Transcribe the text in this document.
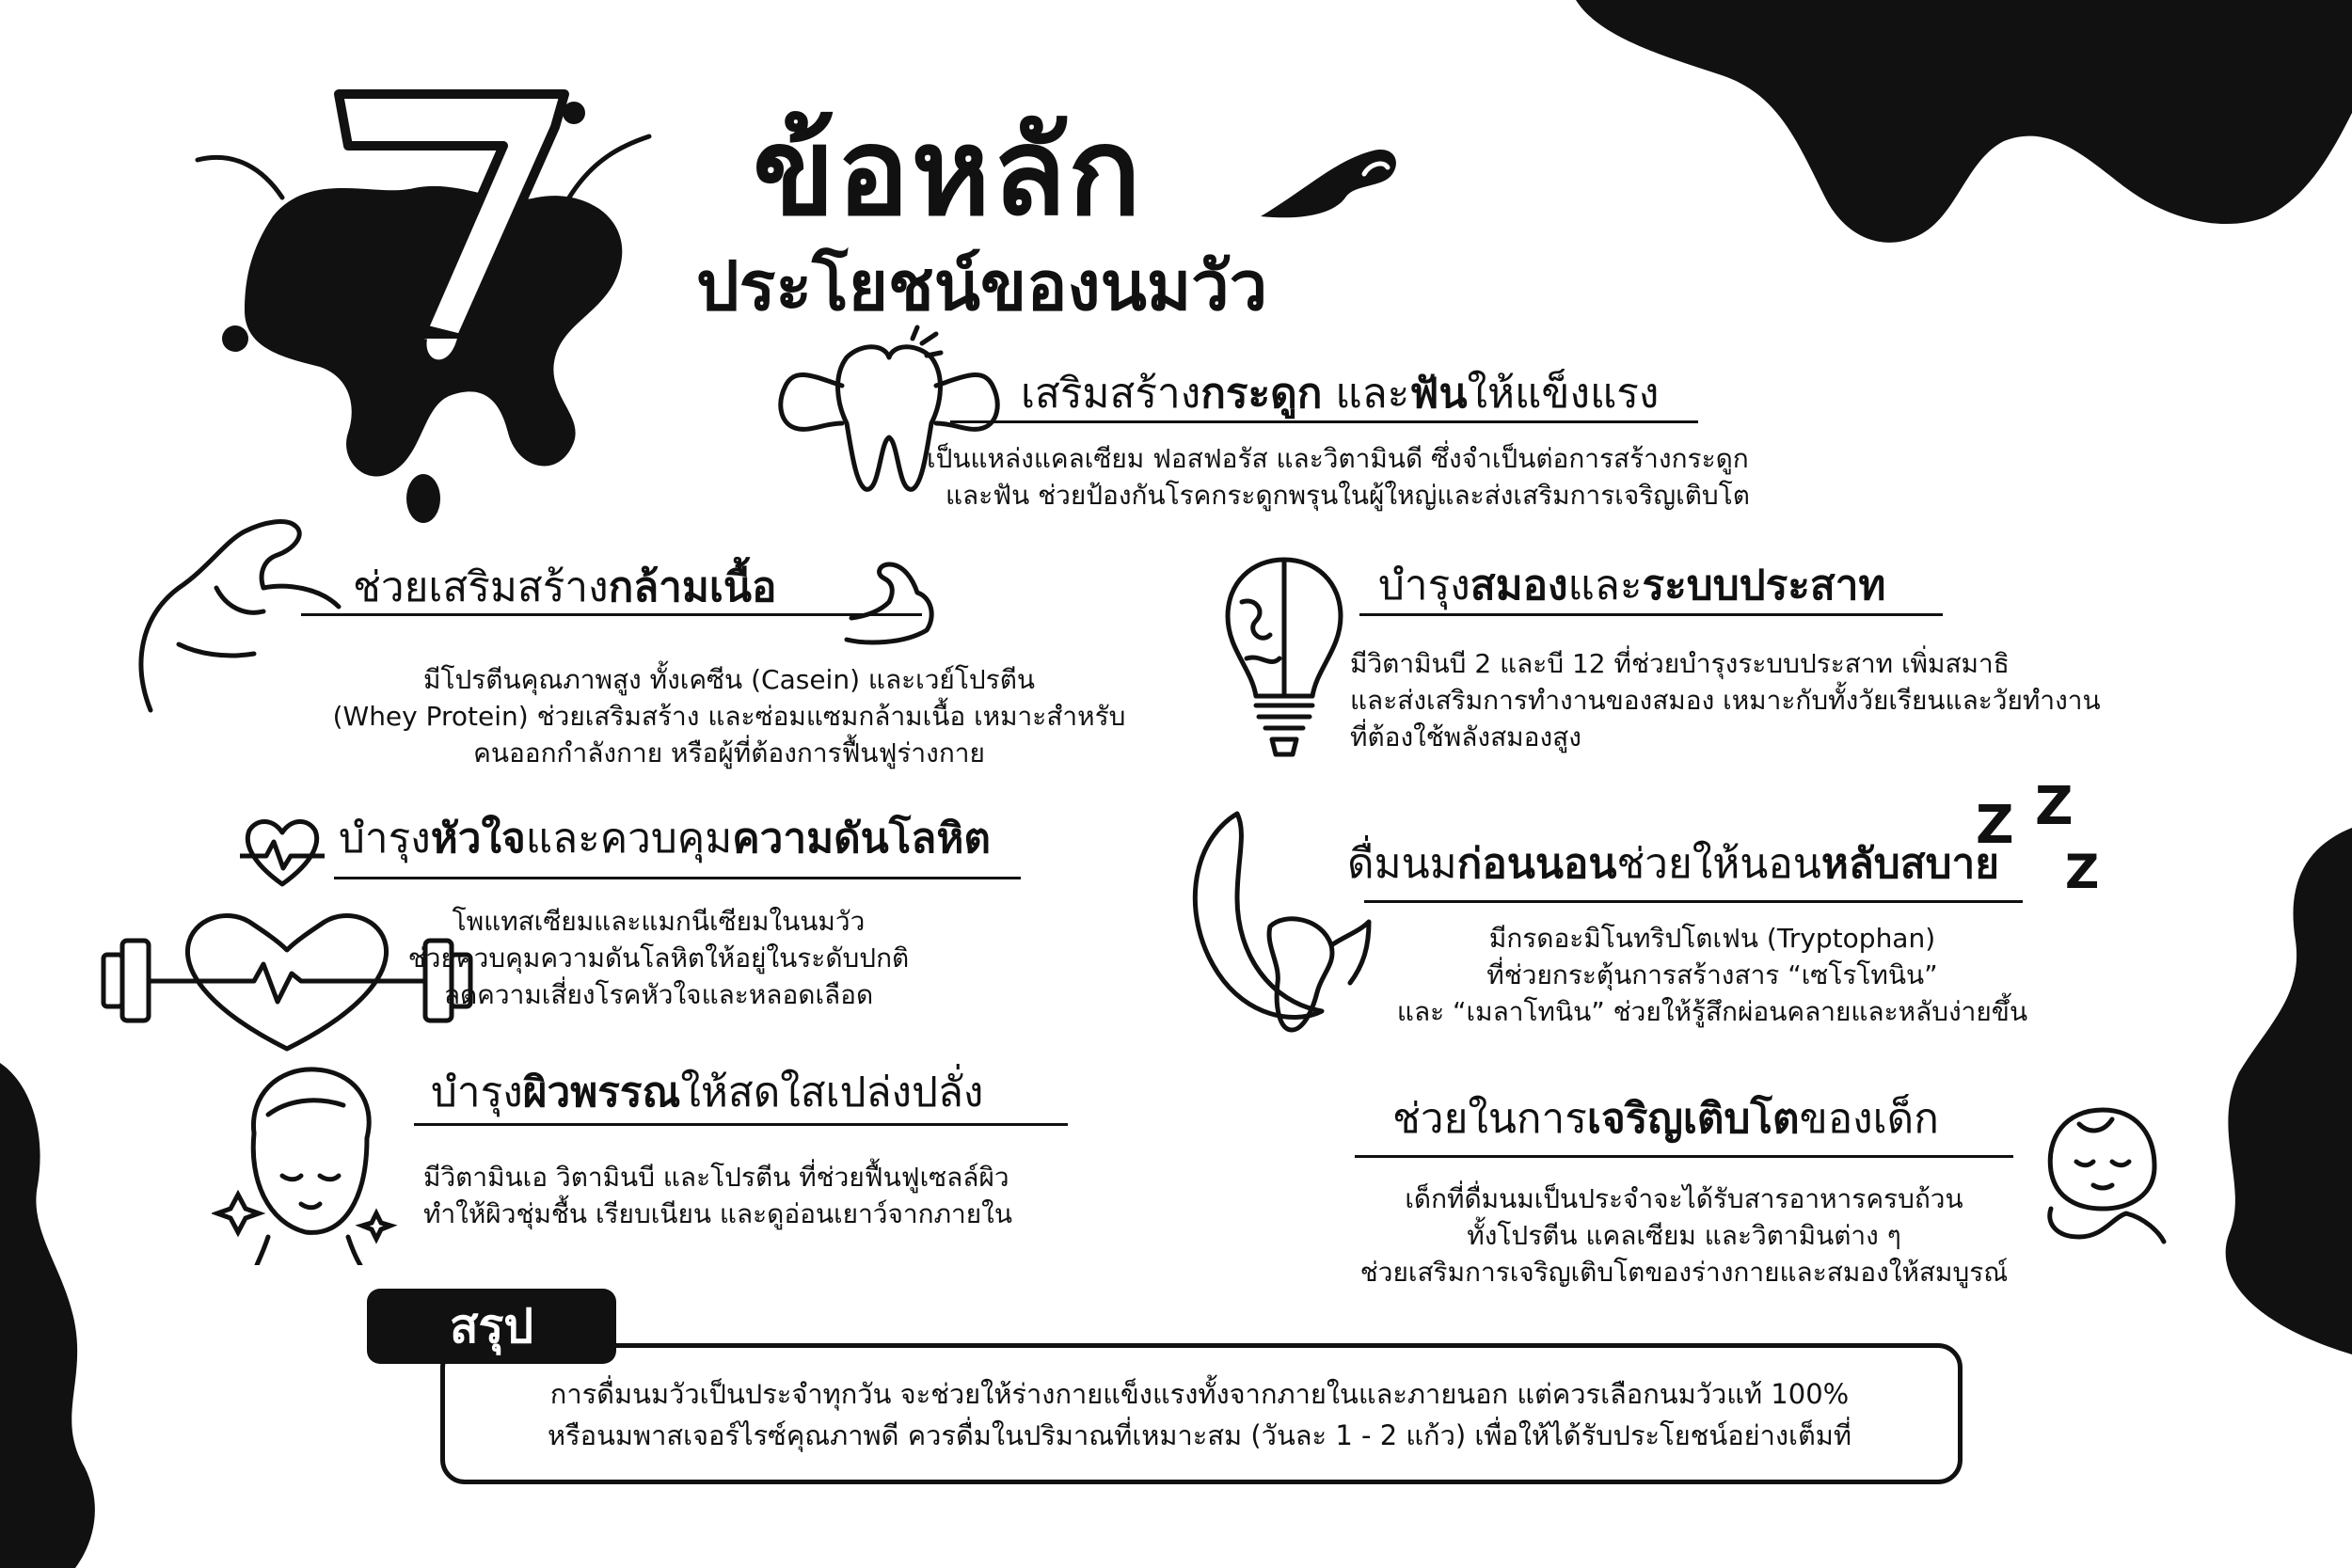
ข้อหลัก
ประโยชน์ของนมวัว
เสริมสร้างกระดูก และฟันให้แข็งแรง
เป็นแหล่งแคลเซียม ฟอสฟอรัส และวิตามินดี ซึ่งจำเป็นต่อการสร้างกระดูก
และฟัน ช่วยป้องกันโรคกระดูกพรุนในผู้ใหญ่และส่งเสริมการเจริญเติบโต
ช่วยเสริมสร้างกล้ามเนื้อ
มีโปรตีนคุณภาพสูง ทั้งเคซีน (Casein) และเวย์โปรตีน
(Whey Protein) ช่วยเสริมสร้าง และซ่อมแซมกล้ามเนื้อ เหมาะสำหรับ
คนออกกำลังกาย หรือผู้ที่ต้องการฟื้นฟูร่างกาย
บำรุงสมองและระบบประสาท
มีวิตามินบี 2 และบี 12 ที่ช่วยบำรุงระบบประสาท เพิ่มสมาธิ
และส่งเสริมการทำงานของสมอง เหมาะกับทั้งวัยเรียนและวัยทำงาน
ที่ต้องใช้พลังสมองสูง
บำรุงหัวใจและควบคุมความดันโลหิต
โพแทสเซียมและแมกนีเซียมในนมวัว
ช่วยควบคุมความดันโลหิตให้อยู่ในระดับปกติ
ลดความเสี่ยงโรคหัวใจและหลอดเลือด
ดื่มนมก่อนนอนช่วยให้นอนหลับสบาย
Z Z
Z
มีกรดอะมิโนทริปโตเฟน (Tryptophan)
ที่ช่วยกระตุ้นการสร้างสาร “เซโรโทนิน”
และ “เมลาโทนิน” ช่วยให้รู้สึกผ่อนคลายและหลับง่ายขึ้น
บำรุงผิวพรรณให้สดใสเปล่งปลั่ง
มีวิตามินเอ วิตามินบี และโปรตีน ที่ช่วยฟื้นฟูเซลล์ผิว
ทำให้ผิวชุ่มชื้น เรียบเนียน และดูอ่อนเยาว์จากภายใน
ช่วยในการเจริญเติบโตของเด็ก
เด็กที่ดื่มนมเป็นประจำจะได้รับสารอาหารครบถ้วน
ทั้งโปรตีน แคลเซียม และวิตามินต่าง ๆ
ช่วยเสริมการเจริญเติบโตของร่างกายและสมองให้สมบูรณ์
สรุป
การดื่มนมวัวเป็นประจำทุกวัน จะช่วยให้ร่างกายแข็งแรงทั้งจากภายในและภายนอก แต่ควรเลือกนมวัวแท้ 100%
หรือนมพาสเจอร์ไรซ์คุณภาพดี ควรดื่มในปริมาณที่เหมาะสม (วันละ 1 - 2 แก้ว) เพื่อให้ได้รับประโยชน์อย่างเต็มที่
